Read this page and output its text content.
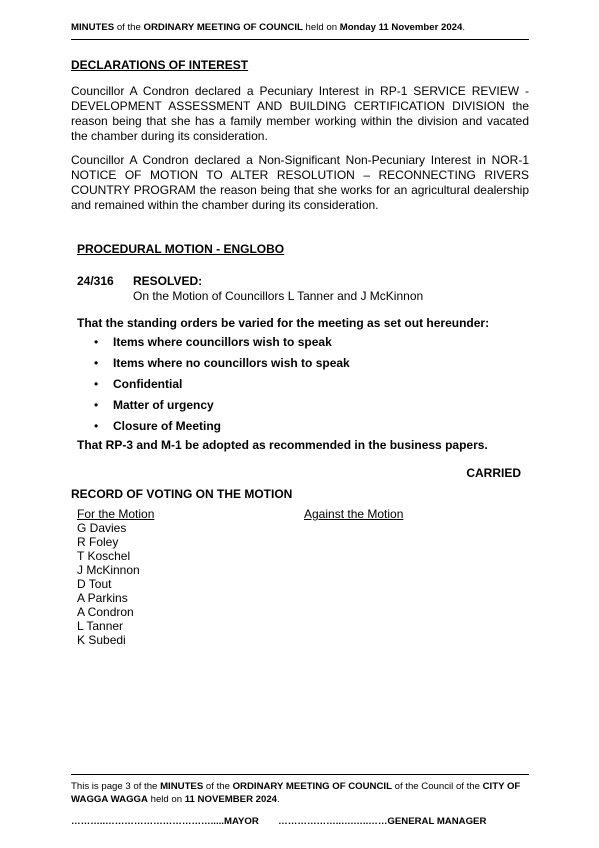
MINUTES of the ORDINARY MEETING OF COUNCIL held on Monday 11 November 2024.
DECLARATIONS OF INTEREST
Councillor A Condron declared a Pecuniary Interest in RP-1 SERVICE REVIEW -
DEVELOPMENT ASSESSMENT AND BUILDING CERTIFICATION DIVISION the
reason being that she has a family member working within the division and vacated
the chamber during its consideration.
Councillor A Condron declared a Non-Significant Non-Pecuniary Interest in NOR-1
NOTICE OF MOTION TO ALTER RESOLUTION – RECONNECTING RIVERS
COUNTRY PROGRAM the reason being that she works for an agricultural dealership
and remained within the chamber during its consideration.
PROCEDURAL MOTION - ENGLOBO
24/316 RESOLVED:
On the Motion of Councillors L Tanner and J McKinnon
That the standing orders be varied for the meeting as set out hereunder:
• Items where councillors wish to speak
• Items where no councillors wish to speak
• Confidential
• Matter of urgency
• Closure of Meeting
That RP-3 and M-1 be adopted as recommended in the business papers.
CARRIED
RECORD OF VOTING ON THE MOTION
For the Motion	Against the Motion
G Davies
R Foley
T Koschel
J McKinnon
D Tout
A Parkins
A Condron
L Tanner
K Subedi
This is page 3 of the MINUTES of the ORDINARY MEETING OF COUNCIL of the Council of the CITY OF WAGGA WAGGA held on 11 NOVEMBER 2024.
………..…………………………….....MAYOR ………………..….…..……GENERAL MANAGER
